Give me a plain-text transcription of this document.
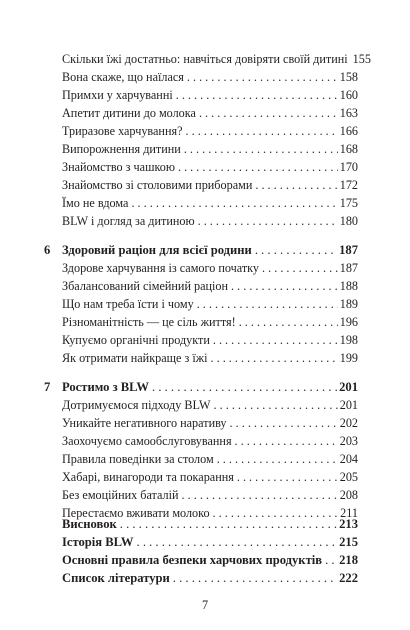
Скільки їжі достатньо: навчіться довіряти своїй дитині 155
Вона скаже, що наїлася . . .	158
Примхи у харчуванні . . .	160
Апетит дитини до молока . . .	163
Триразове харчування? . . .	166
Випорожнення дитини . . .	168
Знайомство з чашкою . . .	170
Знайомство зі столовими приборами . . .	172
Їмо не вдома . . .	175
BLW і догляд за дитиною . . .	180
6 Здоровий раціон для всієї родини . . .	187
Здорове харчування із самого початку . . .	187
Збалансований сімейний раціон . . .	188
Що нам треба їсти і чому . . .	189
Різноманітність — це сіль життя! . . .	196
Купуємо органічні продукти . . .	198
Як отримати найкраще з їжі . . .	199
7 Ростимо з BLW . . .	201
Дотримуємося підходу BLW . . .	201
Уникайте негативного наративу . . .	202
Заохочуємо самообслуговування . . .	203
Правила поведінки за столом . . .	204
Хабарі, винагороди та покарання . . .	205
Без емоційних баталій . . .	208
Перестаємо вживати молоко . . .	211
Висновок . . .	213
Історія BLW . . .	215
Основні правила безпеки харчових продуктів . . . 218
Список літератури . . .	222
7
